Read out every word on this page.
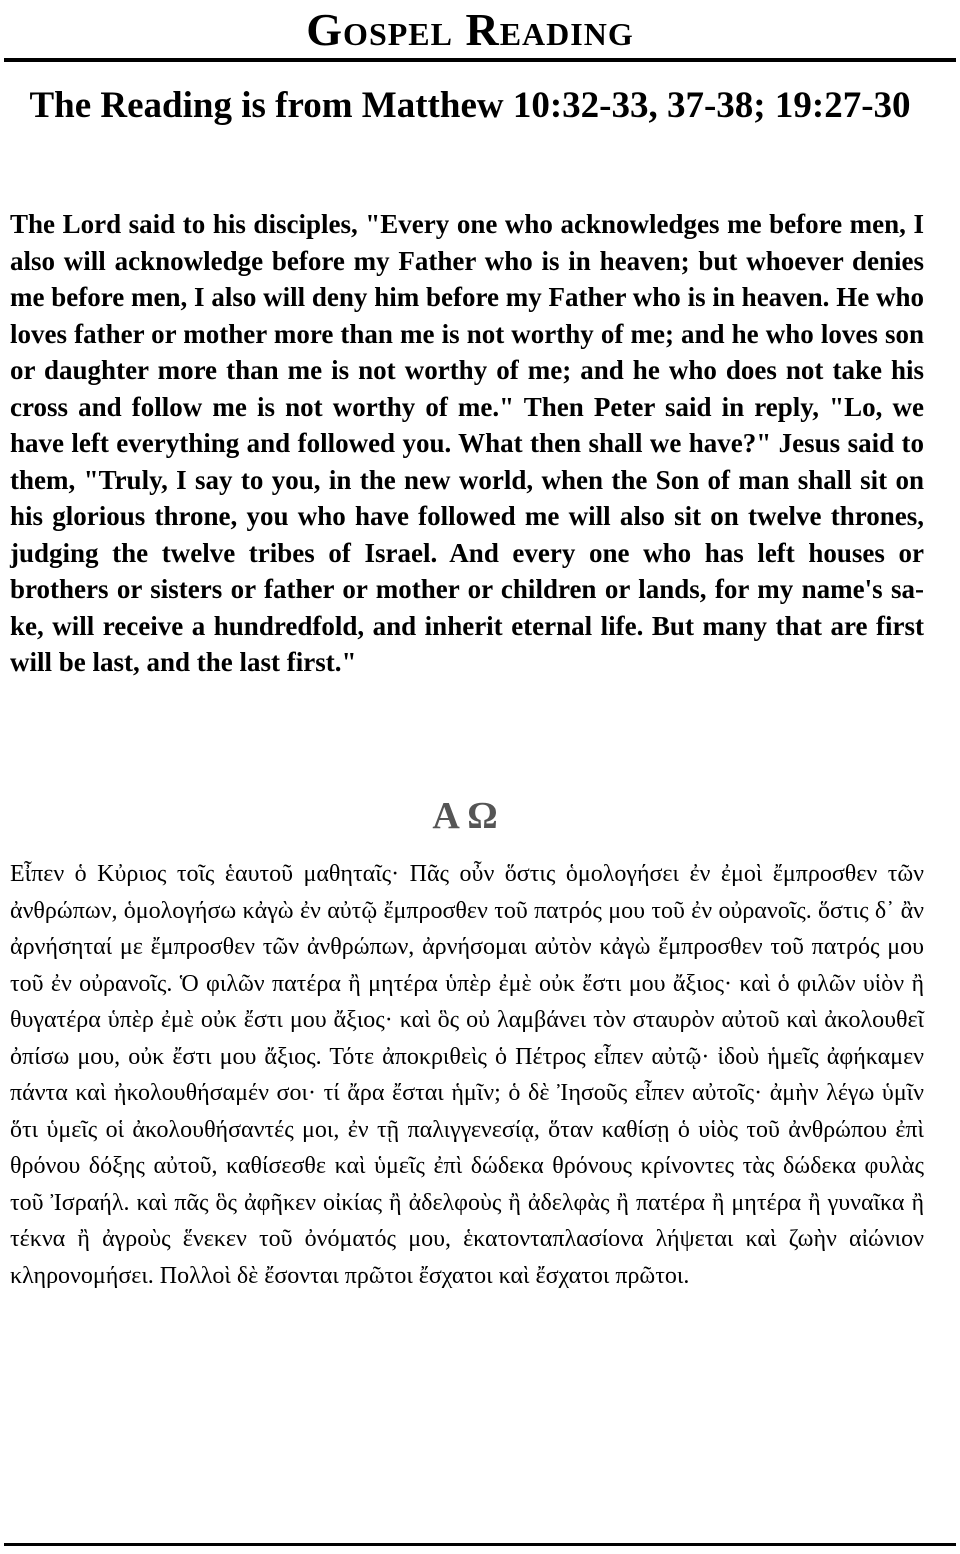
Gospel Reading
The Reading is from Matthew 10:32-33, 37-38; 19:27-30
The Lord said to his disciples, "Every one who acknowledges me before men, I also will acknowledge before my Father who is in heaven; but whoever denies me before men, I also will deny him before my Father who is in heaven. He who loves father or mother more than me is not worthy of me; and he who loves son or daughter more than me is not worthy of me; and he who does not take his cross and follow me is not worthy of me." Then Peter said in reply, "Lo, we have left everything and followed you. What then shall we have?" Jesus said to them, "Truly, I say to you, in the new world, when the Son of man shall sit on his glorious throne, you who have followed me will also sit on twelve thrones, judging the twelve tribes of Israel. And every one who has left houses or brothers or sisters or father or mother or children or lands, for my name's sake, will receive a hundredfold, and inherit eternal life. But many that are first will be last, and the last first."
Α Ω
Εἶπεν ὁ Κὐριος τοῖς ἑαυτοῦ μαθηταῖς· Πᾶς οὖν ὅστις ὁμολογήσει ἐν ἐμοὶ ἔμπροσθεν τῶν ἀνθρώπων, ὁμολογήσω κἀγὼ ἐν αὐτῷ ἔμπροσθεν τοῦ πατρός μου τοῦ ἐν οὐρανοῖς. ὅστις δ᾽ ἂν ἀρνήσηταί με ἔμπροσθεν τῶν ἀνθρώπων, ἀρνήσομαι αὐτὸν κἀγὼ ἔμπροσθεν τοῦ πατρός μου τοῦ ἐν οὐρανοῖς. Ὁ φιλῶν πατέρα ἢ μητέρα ὑπὲρ ἐμὲ οὐκ ἔστι μου ἄξιος· καὶ ὁ φιλῶν υἱὸν ἢ θυγατέρα ὑπὲρ ἐμὲ οὐκ ἔστι μου ἄξιος· καὶ ὃς οὐ λαμβάνει τὸν σταυρὸν αὐτοῦ καὶ ἀκολουθεῖ ὀπίσω μου, οὐκ ἔστι μου ἄξιος. Τότε ἀποκριθεὶς ὁ Πέτρος εἶπεν αὐτῷ· ἰδοὺ ἡμεῖς ἀφήκαμεν πάντα καὶ ἠκολουθήσαμέν σοι· τί ἄρα ἔσται ἡμῖν; ὁ δὲ Ἰησοῦς εἶπεν αὐτοῖς· ἀμὴν λέγω ὑμῖν ὅτι ὑμεῖς οἱ ἀκολουθήσαντές μοι, ἐν τῇ παλιγγενεσίᾳ, ὅταν καθίσῃ ὁ υἱὸς τοῦ ἀνθρώπου ἐπὶ θρόνου δόξης αὐτοῦ, καθίσεσθε καὶ ὑμεῖς ἐπὶ δώδεκα θρόνους κρίνοντες τὰς δώδεκα φυλὰς τοῦ Ἰσραήλ. καὶ πᾶς ὃς ἀφῆκεν οἰκίας ἢ ἀδελφοὺς ἢ ἀδελφὰς ἢ πατέρα ἢ μητέρα ἢ γυναῖκα ἢ τέκνα ἢ ἀγροὺς ἕνεκεν τοῦ ὀνόματός μου, ἑκατονταπλασίονα λήψεται καὶ ζωὴν αἰώνιον κληρονομήσει. Πολλοὶ δὲ ἔσονται πρῶτοι ἔσχατοι καὶ ἔσχατοι πρῶτοι.
